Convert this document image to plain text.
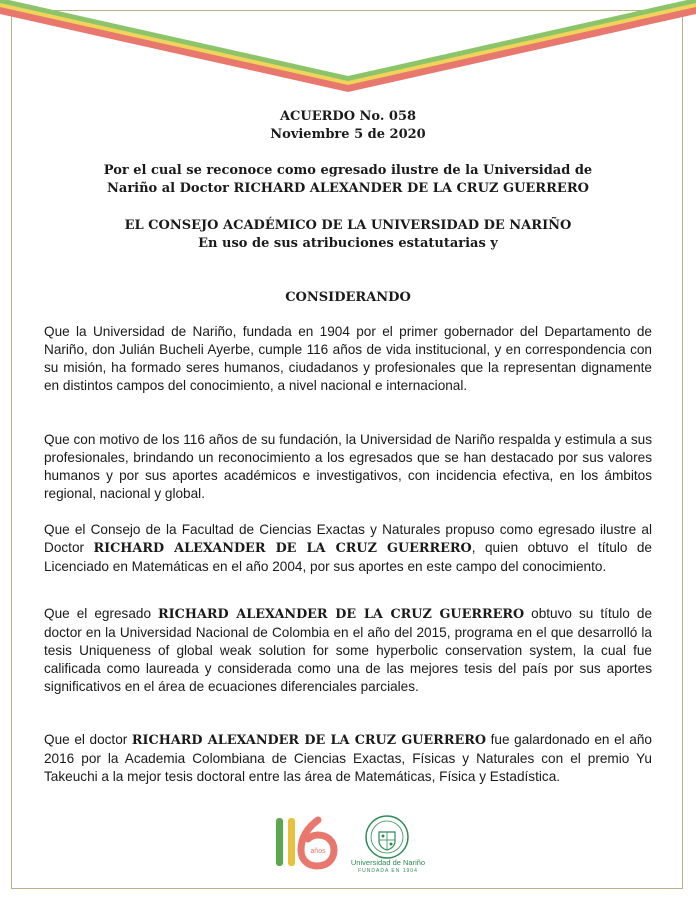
ACUERDO No. 058
Noviembre 5 de 2020
Por el cual se reconoce como egresado ilustre de la Universidad de
Nariño al Doctor RICHARD ALEXANDER DE LA CRUZ GUERRERO
EL CONSEJO ACADÉMICO DE LA UNIVERSIDAD DE NARIÑO
En uso de sus atribuciones estatutarias y
CONSIDERANDO
Que la Universidad de Nariño, fundada en 1904 por el primer gobernador del Departamento de Nariño, don Julián Bucheli Ayerbe, cumple 116 años de vida institucional, y en correspondencia con su misión, ha formado seres humanos, ciudadanos y profesionales que la representan dignamente en distintos campos del conocimiento, a nivel nacional e internacional.
Que con motivo de los 116 años de su fundación, la Universidad de Nariño respalda y estimula a sus profesionales, brindando un reconocimiento a los egresados que se han destacado por sus valores humanos y por sus aportes académicos e investigativos, con incidencia efectiva, en los ámbitos regional, nacional y global.
Que el Consejo de la Facultad de Ciencias Exactas y Naturales propuso como egresado ilustre al Doctor RICHARD ALEXANDER DE LA CRUZ GUERRERO, quien obtuvo el título de Licenciado en Matemáticas en el año 2004, por sus aportes en este campo del conocimiento.
Que el egresado RICHARD ALEXANDER DE LA CRUZ GUERRERO obtuvo su título de doctor en la Universidad Nacional de Colombia en el año del 2015, programa en el que desarrolló la tesis Uniqueness of global weak solution for some hyperbolic conservation system, la cual fue calificada como laureada y considerada como una de las mejores tesis del país por sus aportes significativos en el área de ecuaciones diferenciales parciales.
Que el doctor RICHARD ALEXANDER DE LA CRUZ GUERRERO fue galardonado en el año 2016 por la Academia Colombiana de Ciencias Exactas, Físicas y Naturales con el premio Yu Takeuchi a la mejor tesis doctoral entre las área de Matemáticas, Física y Estadística.
años
Universidad de Nariño
FUNDADA EN 1904
